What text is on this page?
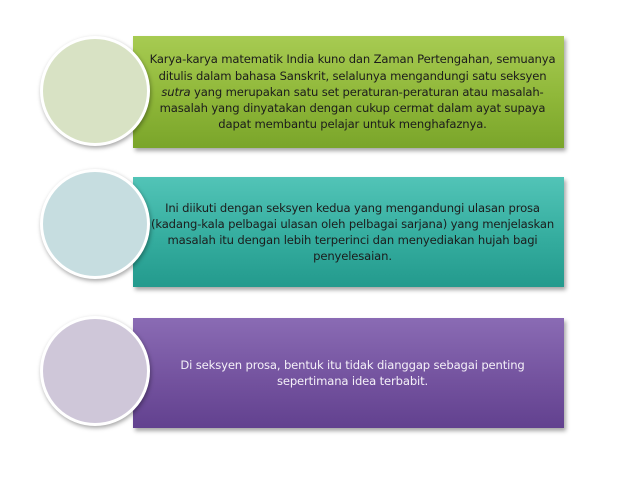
Karya-karya matematik India kuno dan Zaman Pertengahan, semuanya ditulis dalam bahasa Sanskrit, selalunya mengandungi satu seksyen sutra yang merupakan satu set peraturan-peraturan atau masalah-masalah yang dinyatakan dengan cukup cermat dalam ayat supaya dapat membantu pelajar untuk menghafaznya.

Ini diikuti dengan seksyen kedua yang mengandungi ulasan prosa (kadang-kala pelbagai ulasan oleh pelbagai sarjana) yang menjelaskan masalah itu dengan lebih terperinci dan menyediakan hujah bagi penyelesaian.

Di seksyen prosa, bentuk itu tidak dianggap sebagai penting sepertimana idea terbabit.
